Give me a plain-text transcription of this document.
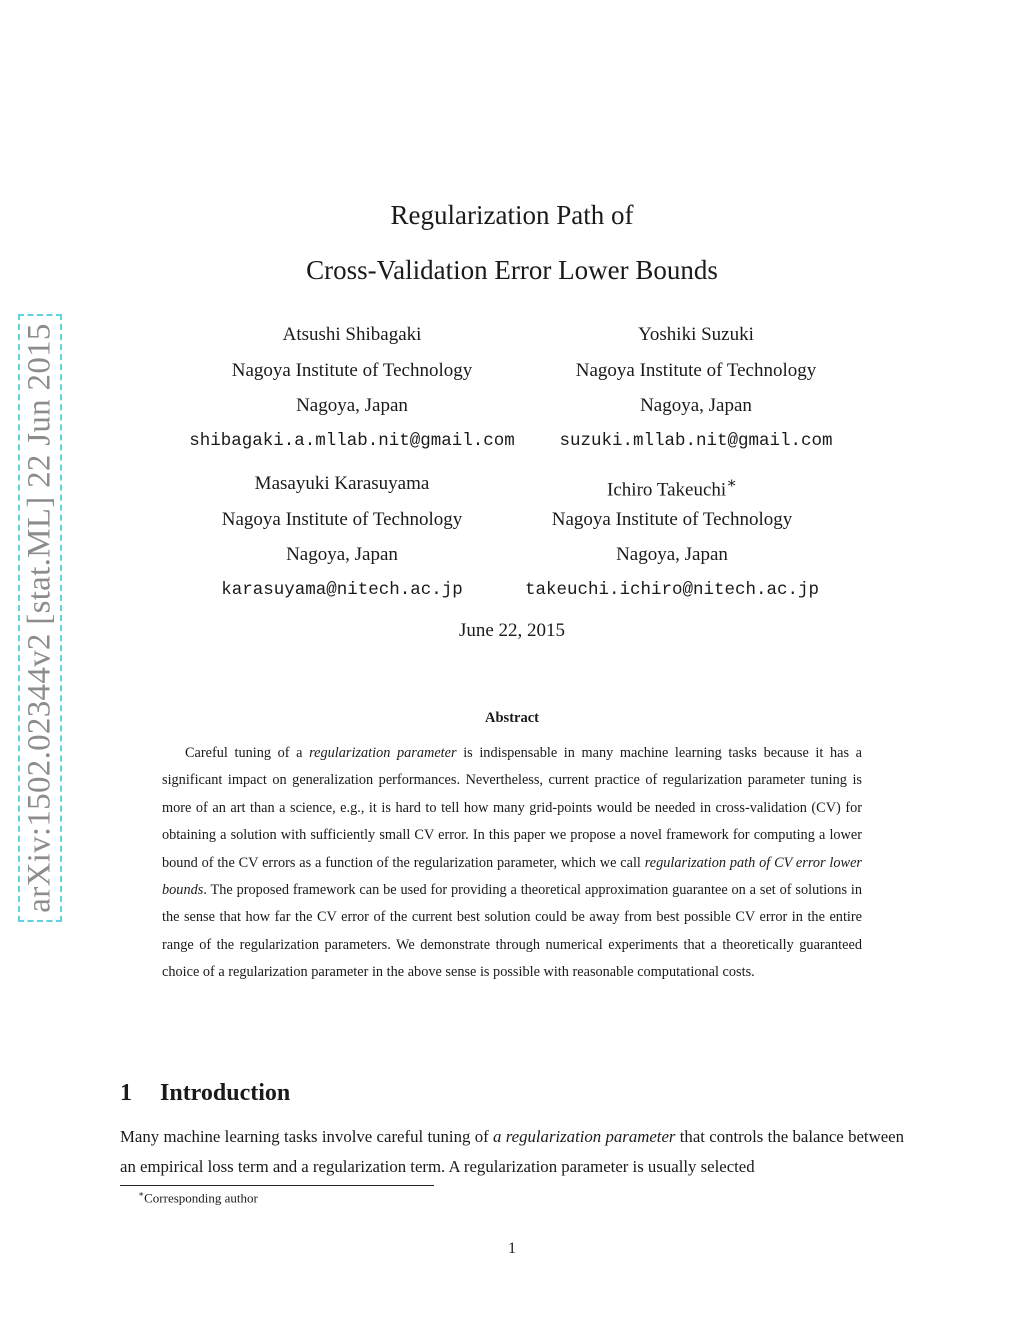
arXiv:1502.02344v2 [stat.ML] 22 Jun 2015
Regularization Path of
Cross-Validation Error Lower Bounds
Atsushi Shibagaki
Nagoya Institute of Technology
Nagoya, Japan
shibagaki.a.mllab.nit@gmail.com
Yoshiki Suzuki
Nagoya Institute of Technology
Nagoya, Japan
suzuki.mllab.nit@gmail.com
Masayuki Karasuyama
Nagoya Institute of Technology
Nagoya, Japan
karasuyama@nitech.ac.jp
Ichiro Takeuchi∗
Nagoya Institute of Technology
Nagoya, Japan
takeuchi.ichiro@nitech.ac.jp
June 22, 2015
Abstract

Careful tuning of a regularization parameter is indispensable in many machine learning tasks because it has a significant impact on generalization performances. Nevertheless, current practice of regularization parameter tuning is more of an art than a science, e.g., it is hard to tell how many grid-points would be needed in cross-validation (CV) for obtaining a solution with sufficiently small CV error. In this paper we propose a novel framework for computing a lower bound of the CV errors as a function of the regularization parameter, which we call regularization path of CV error lower bounds. The proposed framework can be used for providing a theoretical approximation guarantee on a set of solutions in the sense that how far the CV error of the current best solution could be away from best possible CV error in the entire range of the regularization parameters. We demonstrate through numerical experiments that a theoretically guaranteed choice of a regularization parameter in the above sense is possible with reasonable computational costs.

1 Introduction

Many machine learning tasks involve careful tuning of a regularization parameter that controls the balance between an empirical loss term and a regularization term. A regularization parameter is usually selected

∗Corresponding author
1
